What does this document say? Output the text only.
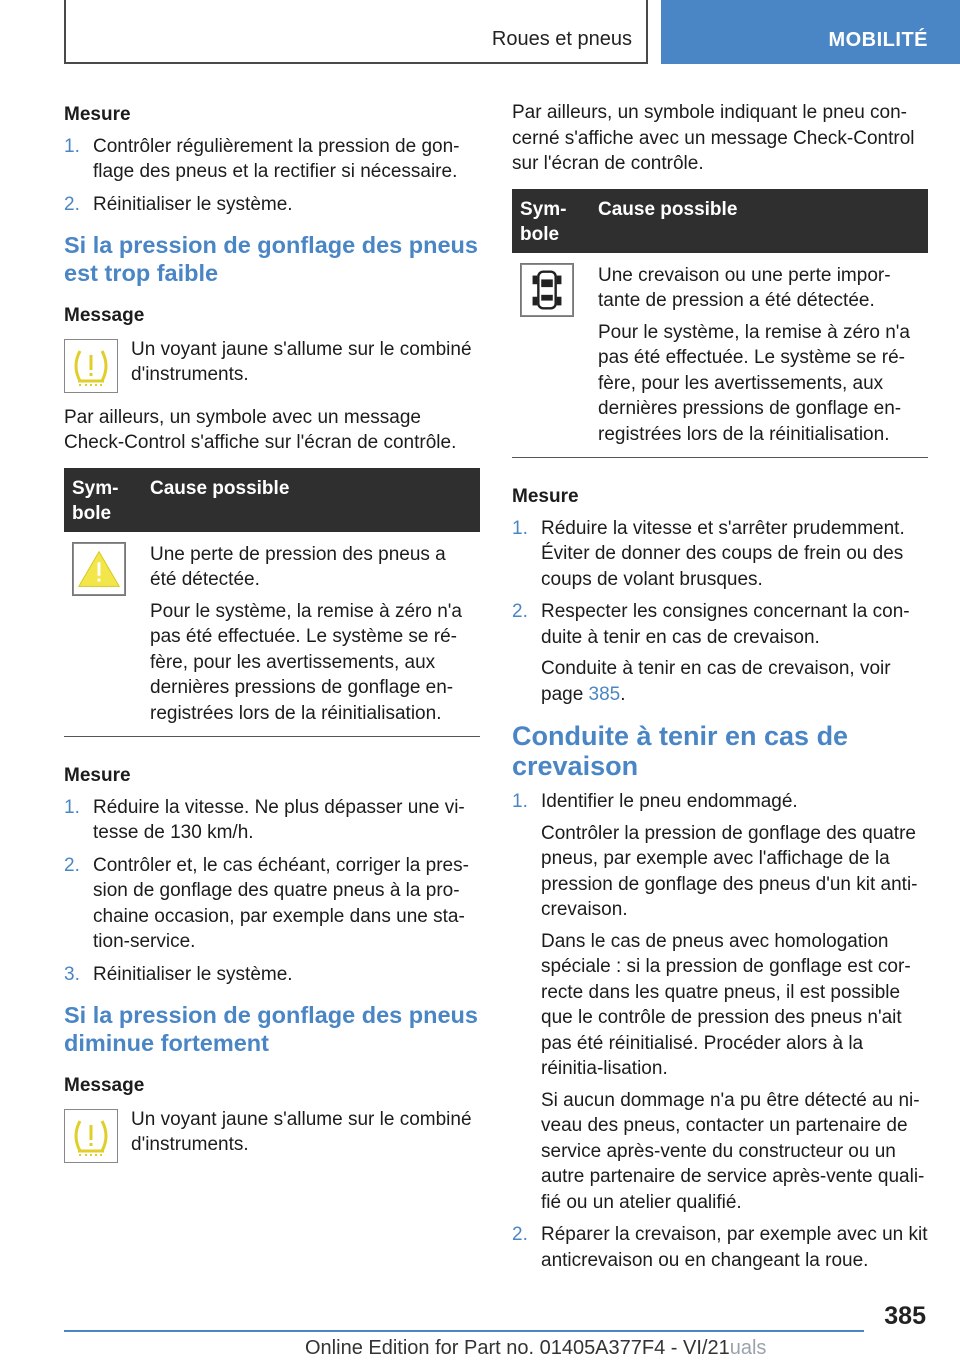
Roues et pneus	MOBILITÉ
Mesure
1. Contrôler régulièrement la pression de gon-flage des pneus et la rectifier si nécessaire.

2. Réinitialiser le système.

Si la pression de gonflage des pneus est trop faible
Message
Un voyant jaune s'allume sur le combiné d'instruments.

Par ailleurs, un symbole avec un message Check-Control s'affiche sur l'écran de contrôle.

Sym-bole
Cause possible

Une perte de pression des pneus a été détectée.

Pour le système, la remise à zéro n'a pas été effectuée. Le système se ré-fère, pour les avertissements, aux dernières pressions de gonflage en-registrées lors de la réinitialisation.

Mesure
1. Réduire la vitesse. Ne plus dépasser une vi-tesse de 130 km/h.

2. Contrôler et, le cas échéant, corriger la pres-sion de gonflage des quatre pneus à la pro-chaine occasion, par exemple dans une sta-tion-service.

3. Réinitialiser le système.

Si la pression de gonflage des pneus diminue fortement
Message
Un voyant jaune s'allume sur le combiné d'instruments.

Par ailleurs, un symbole indiquant le pneu con-cerné s'affiche avec un message Check-Control sur l'écran de contrôle.

Sym-bole
Cause possible

Une crevaison ou une perte impor-tante de pression a été détectée.

Pour le système, la remise à zéro n'a pas été effectuée. Le système se ré-fère, pour les avertissements, aux dernières pressions de gonflage en-registrées lors de la réinitialisation.

Mesure
1. Réduire la vitesse et s'arrêter prudemment. Éviter de donner des coups de frein ou des coups de volant brusques.

2. Respecter les consignes concernant la con-duite à tenir en cas de crevaison.

Conduite à tenir en cas de crevaison, voir page 385.

Conduite à tenir en cas de crevaison
1. Identifier le pneu endommagé.

Contrôler la pression de gonflage des quatre pneus, par exemple avec l'affichage de la pression de gonflage des pneus d'un kit anti-crevaison.

Dans le cas de pneus avec homologation spéciale : si la pression de gonflage est cor-recte dans les quatre pneus, il est possible que le contrôle de pression des pneus n'ait pas été réinitialisé. Procéder alors à la réinitia-lisation.

Si aucun dommage n'a pu être détecté au ni-veau des pneus, contacter un partenaire de service après-vente du constructeur ou un autre partenaire de service après-vente quali-fié ou un atelier qualifié.

2. Réparer la crevaison, par exemple avec un kit anticrevaison ou en changeant la roue.

385
Online Edition for Part no. 01405A377F4 - VI/21uals
